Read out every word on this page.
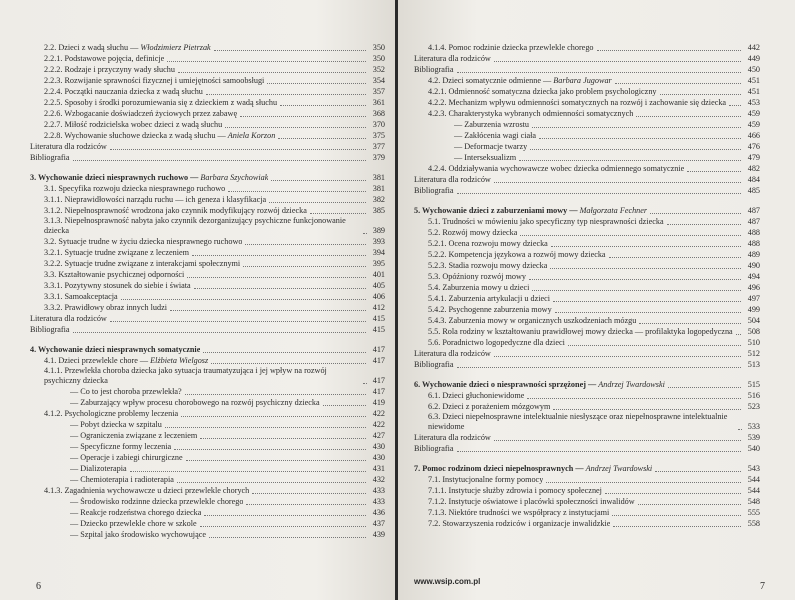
2.2. Dzieci z wadą słuchu — Włodzimierz Pietrzak	350
2.2.1. Podstawowe pojęcia, definicje	350
2.2.2. Rodzaje i przyczyny wady słuchu	352
2.2.3. Rozwijanie sprawności fizycznej i umiejętności samoobsługi	354
2.2.4. Początki nauczania dziecka z wadą słuchu	357
2.2.5. Sposoby i środki porozumiewania się z dzieckiem z wadą słuchu	361
2.2.6. Wzbogacanie doświadczeń życiowych przez zabawę	368
2.2.7. Miłość rodzicielska wobec dzieci z wadą słuchu	370
2.2.8. Wychowanie słuchowe dziecka z wadą słuchu — Aniela Korzon	375
Literatura dla rodziców	377
Bibliografia	379
3. Wychowanie dzieci niesprawnych ruchowo — Barbara Szychowiak	381
3.1. Specyfika rozwoju dziecka niesprawnego ruchowo	381
3.1.1. Nieprawidłowości narządu ruchu — ich geneza i klasyfikacja	382
3.1.2. Niepełnosprawność wrodzona jako czynnik modyfikujący rozwój dziecka	385
3.1.3. Niepełnosprawność nabyta jako czynnik dezorganizujący psychiczne funkcjonowanie dziecka	389
3.2. Sytuacje trudne w życiu dziecka niesprawnego ruchowo	393
3.2.1. Sytuacje trudne związane z leczeniem	394
3.2.2. Sytuacje trudne związane z interakcjami społecznymi	395
3.3. Kształtowanie psychicznej odporności	401
3.3.1. Pozytywny stosunek do siebie i świata	405
3.3.1. Samoakceptacja	406
3.3.2. Prawidłowy obraz innych ludzi	412
Literatura dla rodziców	415
Bibliografia	415
4. Wychowanie dzieci niesprawnych somatycznie	417
4.1. Dzieci przewlekle chore — Elżbieta Wielgosz	417
4.1.1. Przewlekła choroba dziecka jako sytuacja traumatyzująca i jej wpływ na rozwój psychiczny dziecka	417
— Co to jest choroba przewlekła?	417
— Zaburzający wpływ procesu chorobowego na rozwój psychiczny dziecka	419
4.1.2. Psychologiczne problemy leczenia	422
— Pobyt dziecka w szpitalu	422
— Ograniczenia związane z leczeniem	427
— Specyficzne formy leczenia	430
— Operacje i zabiegi chirurgiczne	430
— Dializoterapia	431
— Chemioterapia i radioterapia	432
4.1.3. Zagadnienia wychowawcze u dzieci przewlekle chorych	433
— Środowisko rodzinne dziecka przewlekle chorego	433
— Reakcje rodzeństwa chorego dziecka	436
— Dziecko przewlekle chore w szkole	437
— Szpital jako środowisko wychowujące	439
6
4.1.4. Pomoc rodzinie dziecka przewlekle chorego	442
Literatura dla rodziców	449
Bibliografia	450
4.2. Dzieci somatycznie odmienne — Barbara Jugowar	451
4.2.1. Odmienność somatyczna dziecka jako problem psychologiczny	451
4.2.2. Mechanizm wpływu odmienności somatycznych na rozwój i zachowanie się dziecka	453
4.2.3. Charakterystyka wybranych odmienności somatycznych	459
— Zaburzenia wzrostu	459
— Zakłócenia wagi ciała	466
— Deformacje twarzy	476
— Interseksualizm	479
4.2.4. Oddziaływania wychowawcze wobec dziecka odmiennego somatycznie	482
Literatura dla rodziców	484
Bibliografia	485
5. Wychowanie dzieci z zaburzeniami mowy — Małgorzata Fechner	487
5.1. Trudności w mówieniu jako specyficzny typ niesprawności dziecka	487
5.2. Rozwój mowy dziecka	488
5.2.1. Ocena rozwoju mowy dziecka	488
5.2.2. Kompetencja językowa a rozwój mowy dziecka	489
5.2.3. Stadia rozwoju mowy dziecka	490
5.3. Opóźniony rozwój mowy	494
5.4. Zaburzenia mowy u dzieci	496
5.4.1. Zaburzenia artykulacji u dzieci	497
5.4.2. Psychogenne zaburzenia mowy	499
5.4.3. Zaburzenia mowy w organicznych uszkodzeniach mózgu	504
5.5. Rola rodziny w kształtowaniu prawidłowej mowy dziecka — profilaktyka logopedyczna	508
5.6. Poradnictwo logopedyczne dla dzieci	510
Literatura dla rodziców	512
Bibliografia	513
6. Wychowanie dzieci o niesprawności sprzężonej — Andrzej Twardowski	515
6.1. Dzieci głuchoniewidome	516
6.2. Dzieci z porażeniem mózgowym	523
6.3. Dzieci niepełnosprawne intelektualnie niesłyszące oraz niepełnosprawne intelektualnie niewidome	533
Literatura dla rodziców	539
Bibliografia	540
7. Pomoc rodzinom dzieci niepełnosprawnych — Andrzej Twardowski	543
7.1. Instytucjonalne formy pomocy	544
7.1.1. Instytucje służby zdrowia i pomocy społecznej	544
7.1.2. Instytucje oświatowe i placówki społeczności inwalidów	548
7.1.3. Niektóre trudności we współpracy z instytucjami	555
7.2. Stowarzyszenia rodziców i organizacje inwalidzkie	558
www.wsip.com.pl	7
